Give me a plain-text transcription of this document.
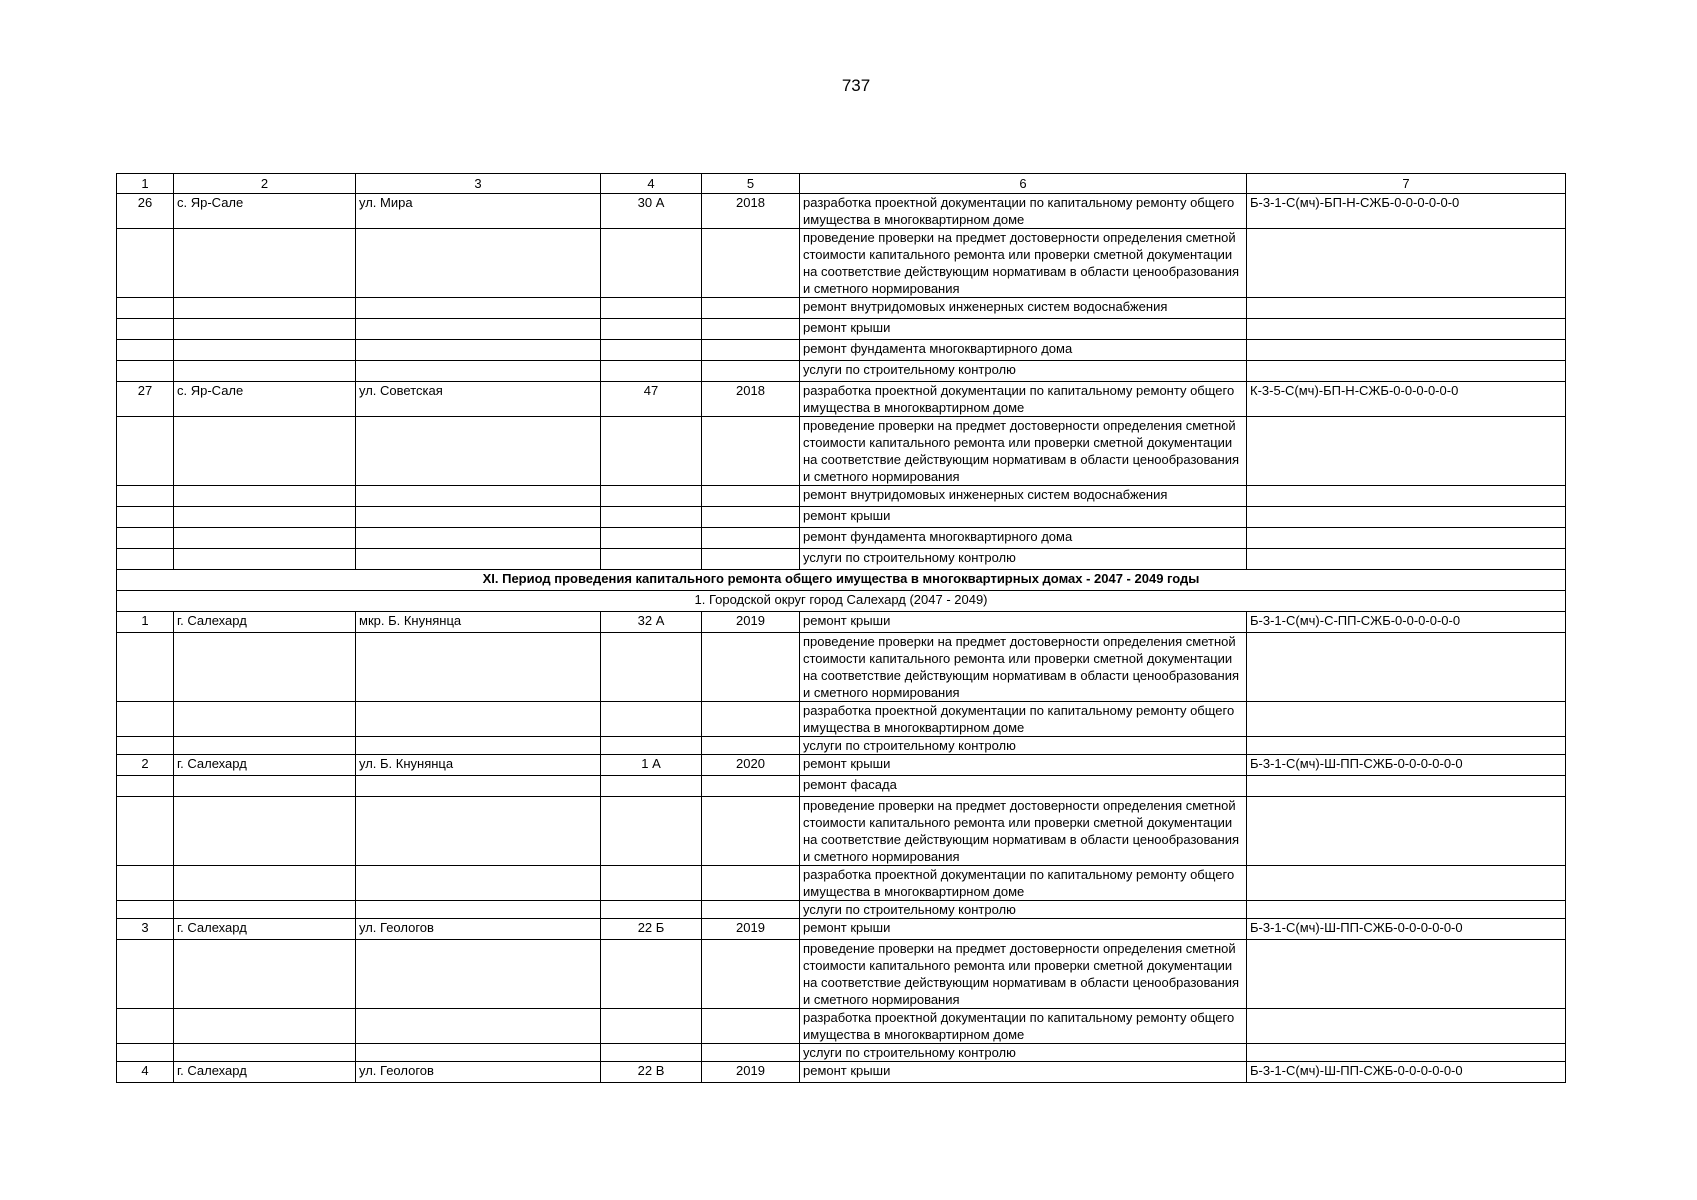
737
1	2	3	4	5	6	7
26	с. Яр-Сале	ул. Мира	30 А	2018	разработка проектной документации по капитальному ремонту общего имущества в многоквартирном доме	Б-3-1-С(мч)-БП-Н-СЖБ-0-0-0-0-0-0
					проведение проверки на предмет достоверности определения сметной стоимости капитального ремонта или проверки сметной документации на соответствие действующим нормативам в области ценообразования и сметного нормирования	
					ремонт внутридомовых инженерных систем водоснабжения	
					ремонт крыши	
					ремонт фундамента многоквартирного дома	
					услуги по строительному контролю	
27	с. Яр-Сале	ул. Советская	47	2018	разработка проектной документации по капитальному ремонту общего имущества в многоквартирном доме	К-3-5-С(мч)-БП-Н-СЖБ-0-0-0-0-0-0
					проведение проверки на предмет достоверности определения сметной стоимости капитального ремонта или проверки сметной документации на соответствие действующим нормативам в области ценообразования и сметного нормирования	
					ремонт внутридомовых инженерных систем водоснабжения	
					ремонт крыши	
					ремонт фундамента многоквартирного дома	
					услуги по строительному контролю	
XI. Период проведения капитального ремонта общего имущества в многоквартирных домах - 2047 - 2049 годы						
1. Городской округ город Салехард (2047 - 2049)						
1	г. Салехард	мкр. Б. Кнунянца	32 А	2019	ремонт крыши	Б-3-1-С(мч)-С-ПП-СЖБ-0-0-0-0-0-0
					проведение проверки на предмет достоверности определения сметной стоимости капитального ремонта или проверки сметной документации на соответствие действующим нормативам в области ценообразования и сметного нормирования	
					разработка проектной документации по капитальному ремонту общего имущества в многоквартирном доме	
					услуги по строительному контролю	
2	г. Салехард	ул. Б. Кнунянца	1 А	2020	ремонт крыши	Б-3-1-С(мч)-Ш-ПП-СЖБ-0-0-0-0-0-0
					ремонт фасада	
					проведение проверки на предмет достоверности определения сметной стоимости капитального ремонта или проверки сметной документации на соответствие действующим нормативам в области ценообразования и сметного нормирования	
					разработка проектной документации по капитальному ремонту общего имущества в многоквартирном доме	
					услуги по строительному контролю	
3	г. Салехард	ул. Геологов	22 Б	2019	ремонт крыши	Б-3-1-С(мч)-Ш-ПП-СЖБ-0-0-0-0-0-0
					проведение проверки на предмет достоверности определения сметной стоимости капитального ремонта или проверки сметной документации на соответствие действующим нормативам в области ценообразования и сметного нормирования	
					разработка проектной документации по капитальному ремонту общего имущества в многоквартирном доме	
					услуги по строительному контролю	
4	г. Салехард	ул. Геологов	22 В	2019	ремонт крыши	Б-3-1-С(мч)-Ш-ПП-СЖБ-0-0-0-0-0-0
